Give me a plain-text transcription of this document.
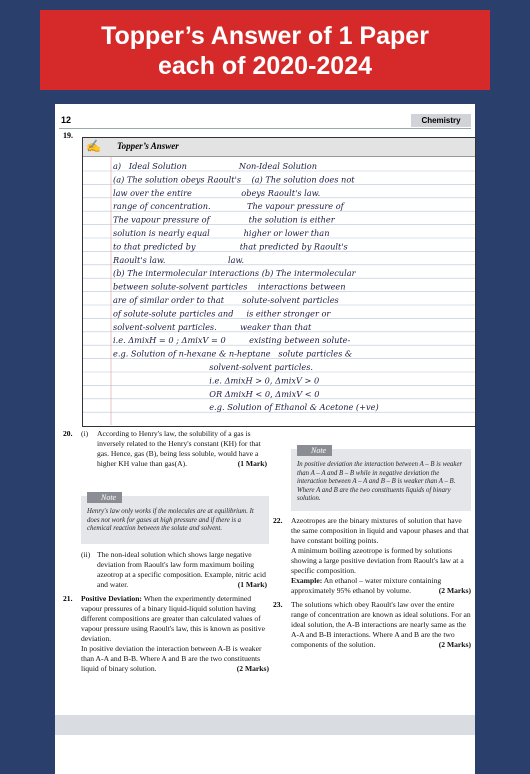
Topper’s Answer of 1 Paper
each of 2020-2024
12	Chemistry
19.
✍ Topper’s Answer
a)   Ideal Solution                    Non-Ideal Solution
(a) The solution obeys Raoult's    (a) The solution does not
law over the entire                   obeys Raoult's law.
range of concentration.              The vapour pressure of
The vapour pressure of               the solution is either
solution is nearly equal             higher or lower than
to that predicted by                 that predicted by Raoult's
Raoult's law.                        law.
(b) The intermolecular interactions (b) The intermolecular
between solute-solvent particles    interactions between
are of similar order to that       solute-solvent particles
of solute-solute particles and     is either stronger or
solvent-solvent particles.         weaker than that
i.e. ΔmixH = 0 ; ΔmixV = 0         existing between solute-
e.g. Solution of n-hexane & n-heptane   solute particles &
solvent-solvent particles.
i.e. ΔmixH > 0, ΔmixV > 0
OR ΔmixH < 0, ΔmixV < 0
e.g. Solution of Ethanol & Acetone (+ve)
20. (i) According to Henry's law, the solubility of a gas is inversely related to the Henry's constant (KH) for that gas. Hence, gas (B), being less soluble, would have a higher KH value than gas(A).	(1 Mark)
Note
Henry's law only works if the molecules are at equilibrium. It does not work for gases at high pressure and if there is a chemical reaction between the solute and solvent.
(ii) The non-ideal solution which shows large negative deviation from Raoult's law form maximum boiling azeotrop at a specific composition. Example, nitric acid and water.	(1 Mark)
21. Positive Deviation: When the experimently determined vapour pressures of a binary liquid-liquid solution having different compositions are greater than calculated values of vapour pressure using Raoult's law, this is known as positive deviation.
In positive deviation the interaction between A-B is weaker than A-A and B-B. Where A and B are the two constituents liquid of binary solution.	(2 Marks)
Note
In positive deviation the interaction between A – B is weaker than A – A and B – B while in negative deviation the interaction between A – A and B – B is weaker than A – B. Where A and B are the two constituents liquids of binary solution.
22. Azeotropes are the binary mixtures of solution that have the same composition in liquid and vapour phases and that have constant boiling points.
A minimum boiling azeotrope is formed by solutions showing a large positive deviation from Raoult's law at a specific composition.
Example: An ethanol – water mixture containing approximately 95% ethanol by volume.	(2 Marks)
23. The solutions which obey Raoult's law over the entire range of concentration are known as ideal solutions. For an ideal solution, the A-B interactions are nearly same as the A-A and B-B interactions. Where A and B are the two components of the solution.	(2 Marks)
